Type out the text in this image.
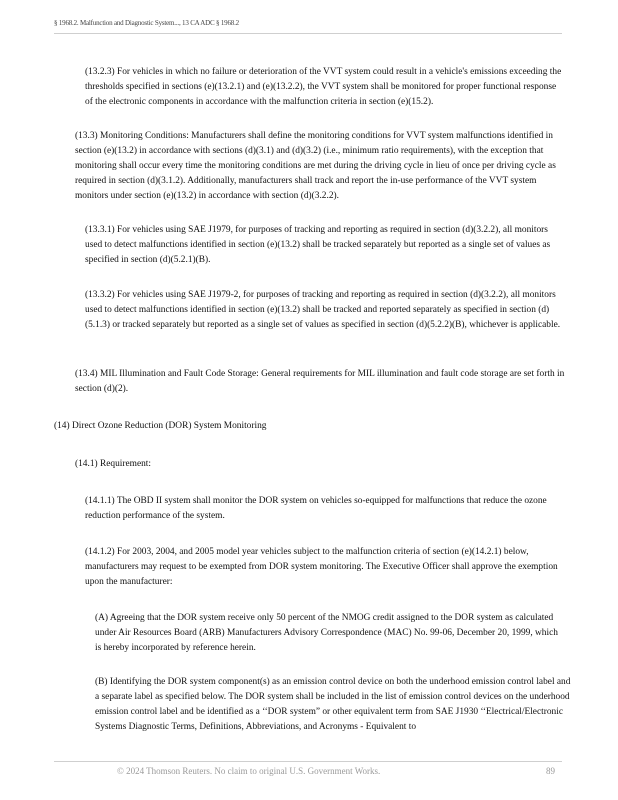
§ 1968.2. Malfunction and Diagnostic System..., 13 CA ADC § 1968.2

(13.2.3) For vehicles in which no failure or deterioration of the VVT system could result in a vehicle's emissions exceeding the thresholds specified in sections (e)(13.2.1) and (e)(13.2.2), the VVT system shall be monitored for proper functional response of the electronic components in accordance with the malfunction criteria in section (e)(15.2).

(13.3) Monitoring Conditions: Manufacturers shall define the monitoring conditions for VVT system malfunctions identified in section (e)(13.2) in accordance with sections (d)(3.1) and (d)(3.2) (i.e., minimum ratio requirements), with the exception that monitoring shall occur every time the monitoring conditions are met during the driving cycle in lieu of once per driving cycle as required in section (d)(3.1.2). Additionally, manufacturers shall track and report the in-use performance of the VVT system monitors under section (e)(13.2) in accordance with section (d)(3.2.2).

(13.3.1) For vehicles using SAE J1979, for purposes of tracking and reporting as required in section (d)(3.2.2), all monitors used to detect malfunctions identified in section (e)(13.2) shall be tracked separately but reported as a single set of values as specified in section (d)(5.2.1)(B).

(13.3.2) For vehicles using SAE J1979-2, for purposes of tracking and reporting as required in section (d)(3.2.2), all monitors used to detect malfunctions identified in section (e)(13.2) shall be tracked and reported separately as specified in section (d)(5.1.3) or tracked separately but reported as a single set of values as specified in section (d)(5.2.2)(B), whichever is applicable.

(13.4) MIL Illumination and Fault Code Storage: General requirements for MIL illumination and fault code storage are set forth in section (d)(2).

(14) Direct Ozone Reduction (DOR) System Monitoring

(14.1) Requirement:

(14.1.1) The OBD II system shall monitor the DOR system on vehicles so-equipped for malfunctions that reduce the ozone reduction performance of the system.

(14.1.2) For 2003, 2004, and 2005 model year vehicles subject to the malfunction criteria of section (e)(14.2.1) below, manufacturers may request to be exempted from DOR system monitoring. The Executive Officer shall approve the exemption upon the manufacturer:

(A) Agreeing that the DOR system receive only 50 percent of the NMOG credit assigned to the DOR system as calculated under Air Resources Board (ARB) Manufacturers Advisory Correspondence (MAC) No. 99-06, December 20, 1999, which is hereby incorporated by reference herein.

(B) Identifying the DOR system component(s) as an emission control device on both the underhood emission control label and a separate label as specified below. The DOR system shall be included in the list of emission control devices on the underhood emission control label and be identified as a ‘‘DOR system” or other equivalent term from SAE J1930 ‘‘Electrical/Electronic Systems Diagnostic Terms, Definitions, Abbreviations, and Acronyms - Equivalent to

© 2024 Thomson Reuters. No claim to original U.S. Government Works.	89
